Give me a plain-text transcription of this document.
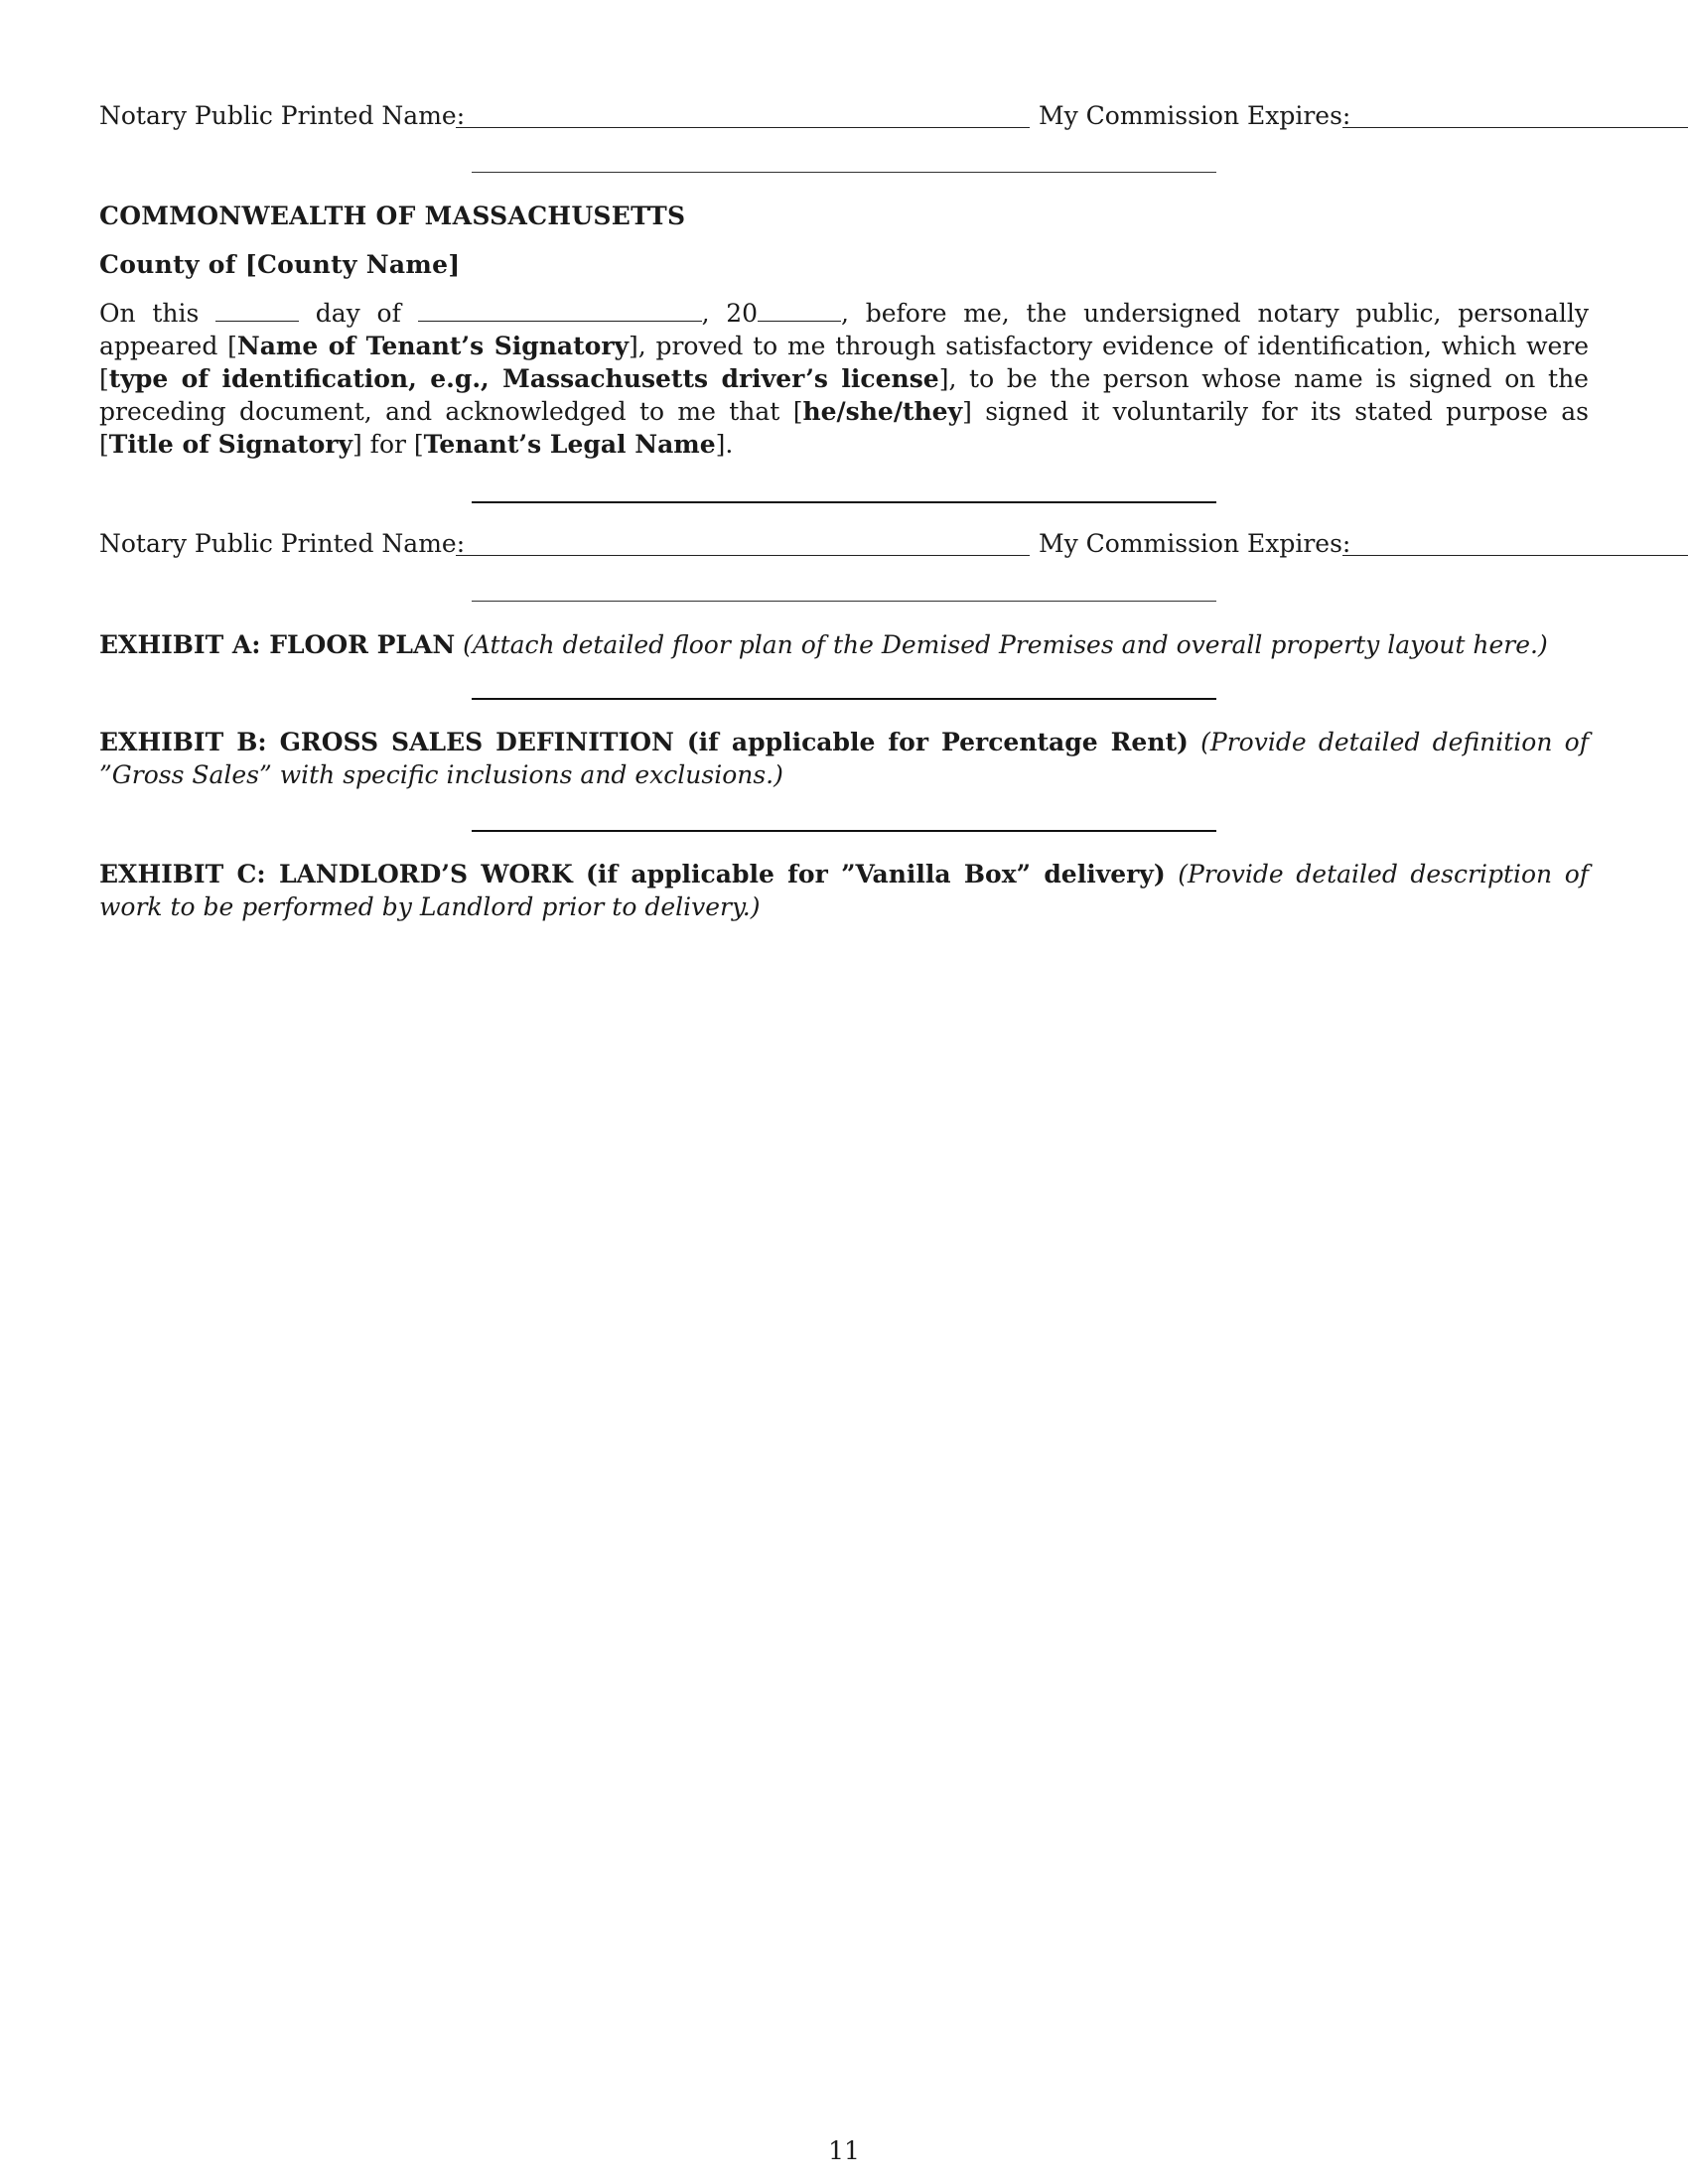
Notary Public Printed Name:	My Commission Expires:
COMMONWEALTH OF MASSACHUSETTS
County of [County Name]
On this	day of	, 20	, before me, the undersigned notary public, personally appeared [Name of Tenant’s Signatory], proved to me through satisfactory evidence of identification, which were [type of identification, e.g., Massachusetts driver’s license], to be the person whose name is signed on the preceding document, and acknowledged to me that [he/she/they] signed it voluntarily for its stated purpose as [Title of Signatory] for [Tenant’s Legal Name].
Notary Public Printed Name:	My Commission Expires:
EXHIBIT A: FLOOR PLAN (Attach detailed floor plan of the Demised Premises and overall property layout here.)
EXHIBIT B: GROSS SALES DEFINITION (if applicable for Percentage Rent) (Provide detailed definition of ”Gross Sales” with specific inclusions and exclusions.)
EXHIBIT C: LANDLORD’S WORK (if applicable for ”Vanilla Box” delivery) (Provide detailed description of work to be performed by Landlord prior to delivery.)
11
